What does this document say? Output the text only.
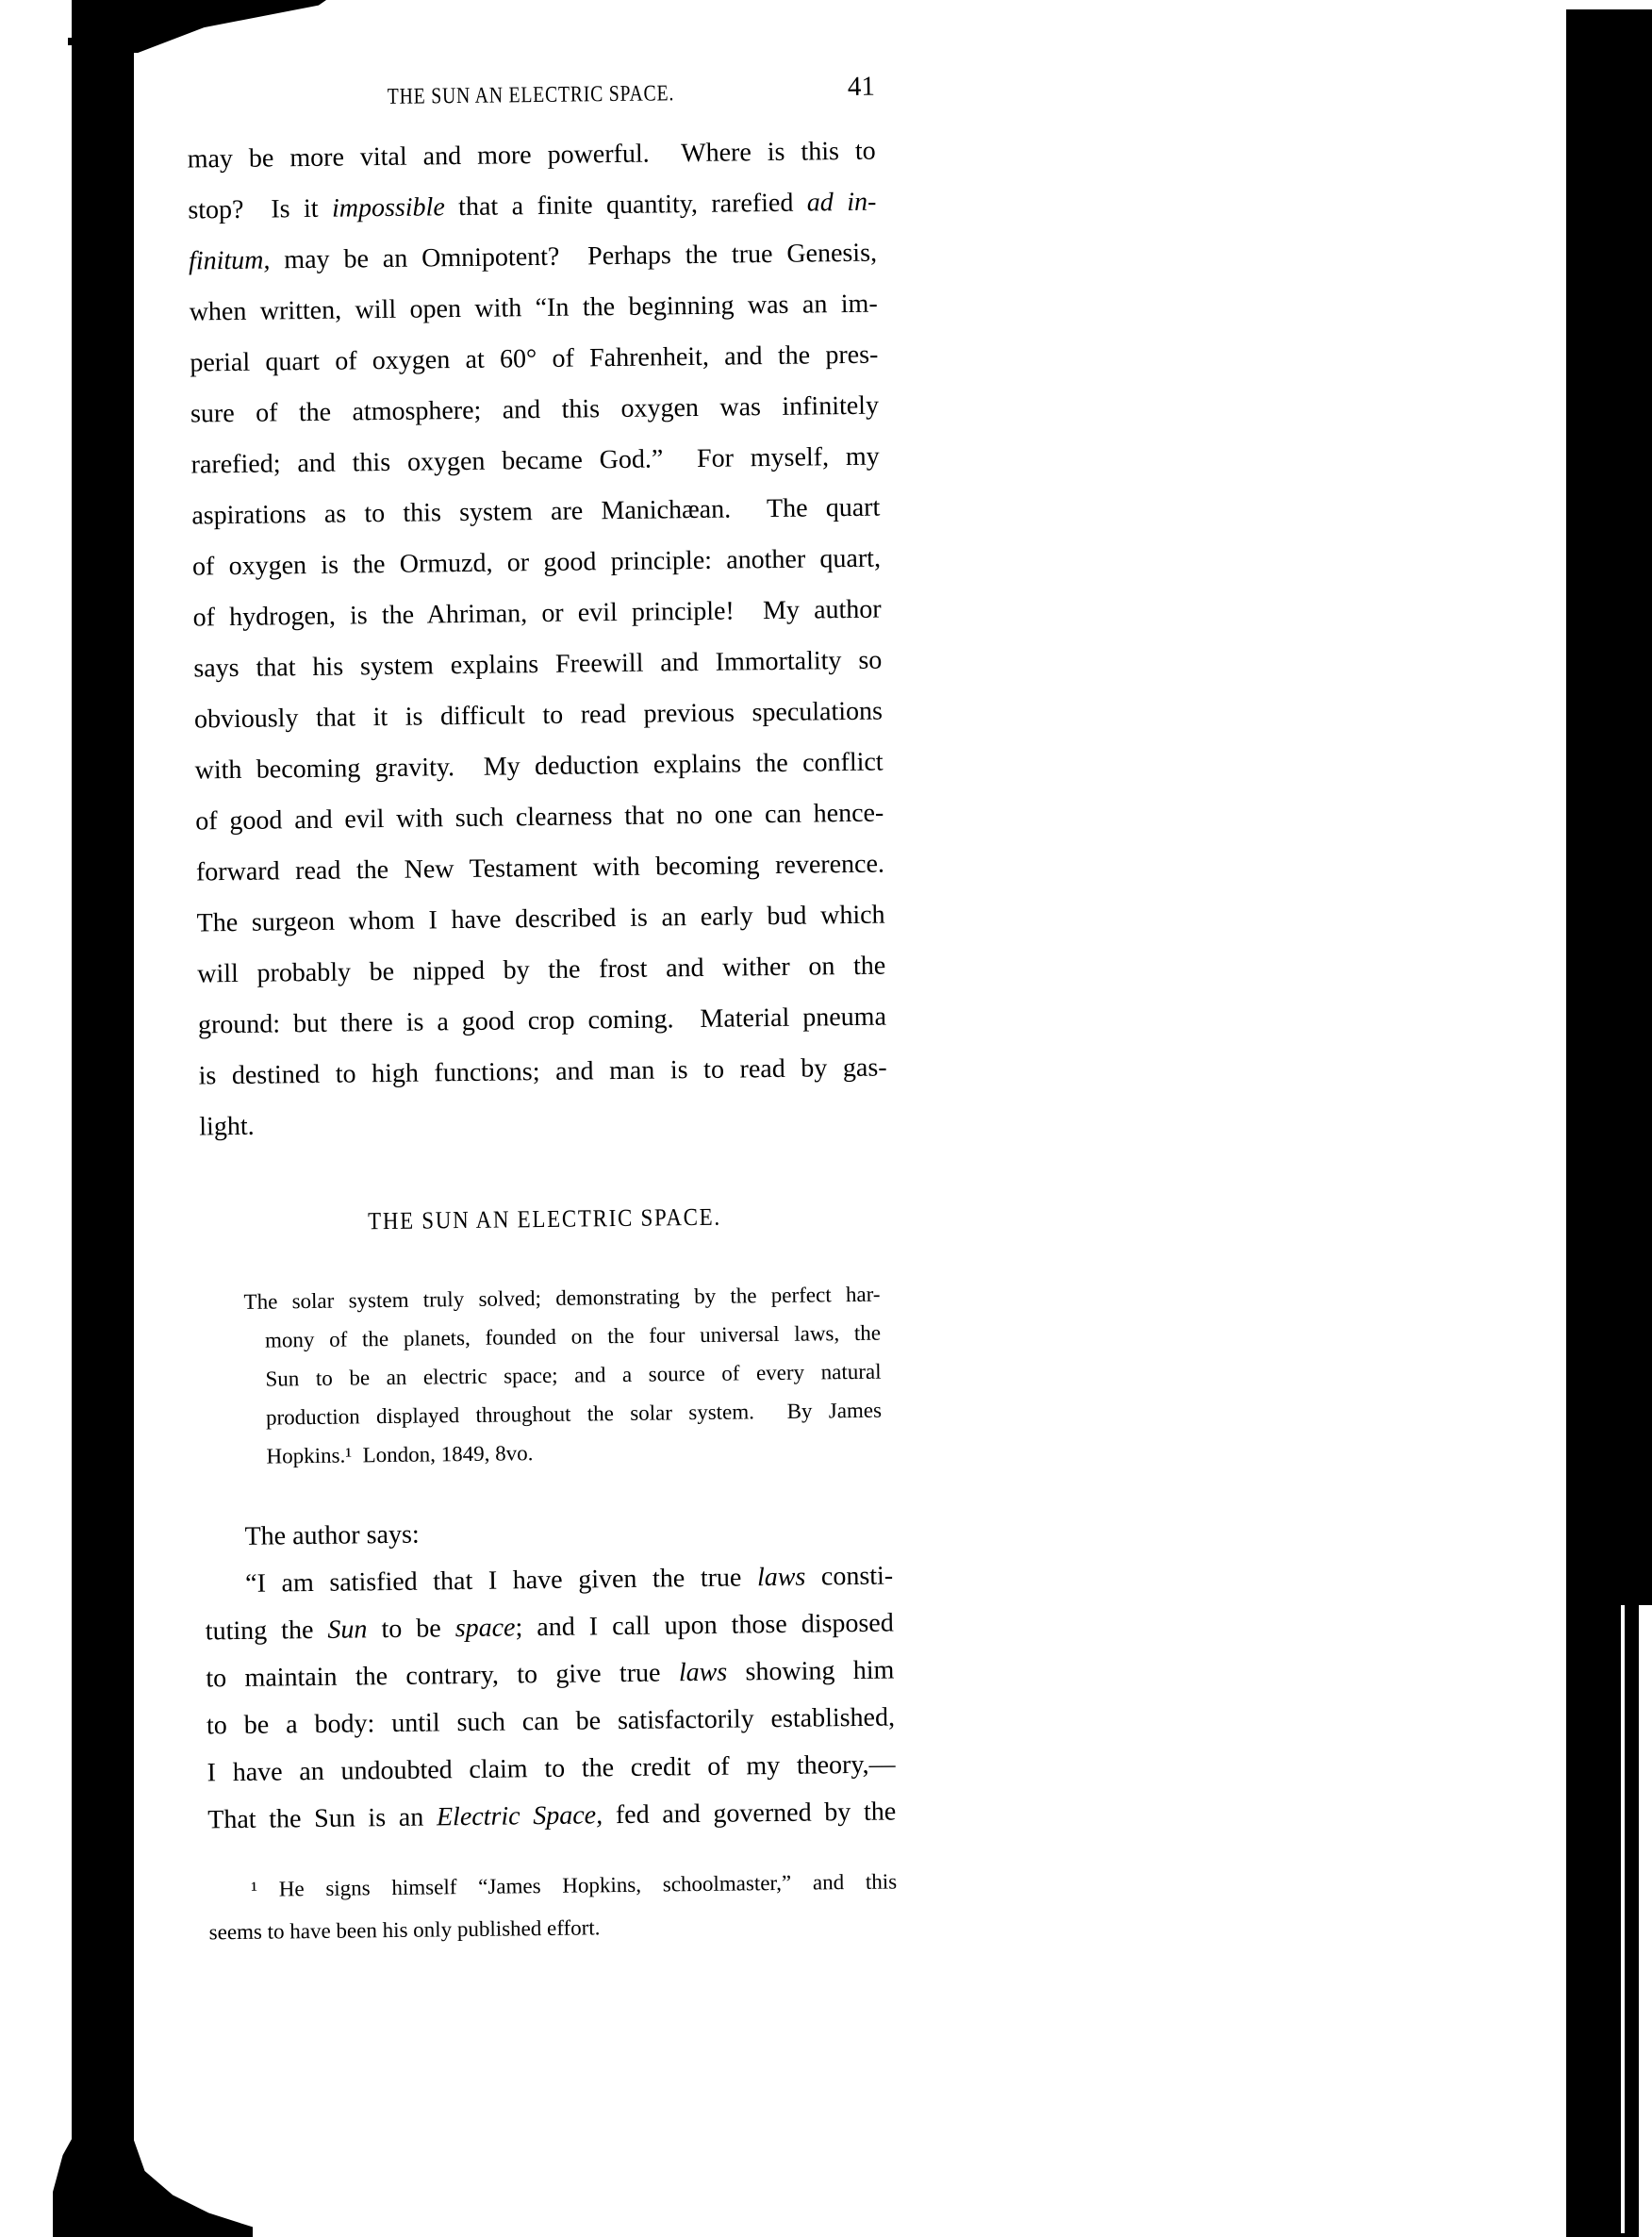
THE SUN AN ELECTRIC SPACE.	41
may be more vital and more powerful.  Where is this to
stop?  Is it impossible that a finite quantity, rarefied ad in-
finitum, may be an Omnipotent?  Perhaps the true Genesis,
when written, will open with “In the beginning was an im-
perial quart of oxygen at 60° of Fahrenheit, and the pres-
sure of the atmosphere; and this oxygen was infinitely
rarefied; and this oxygen became God.”  For myself, my
aspirations as to this system are Manichæan.  The quart
of oxygen is the Ormuzd, or good principle: another quart,
of hydrogen, is the Ahriman, or evil principle!  My author
says that his system explains Freewill and Immortality so
obviously that it is difficult to read previous speculations
with becoming gravity.  My deduction explains the conflict
of good and evil with such clearness that no one can hence-
forward read the New Testament with becoming reverence.
The surgeon whom I have described is an early bud which
will probably be nipped by the frost and wither on the
ground: but there is a good crop coming.  Material pneuma
is destined to high functions; and man is to read by gas-
light.
THE SUN AN ELECTRIC SPACE.
The solar system truly solved; demonstrating by the perfect har-
mony of the planets, founded on the four universal laws, the
Sun to be an electric space; and a source of every natural
production displayed throughout the solar system.  By James
Hopkins.¹  London, 1849, 8vo.
The author says:
“I am satisfied that I have given the true laws consti-
tuting the Sun to be space; and I call upon those disposed
to maintain the contrary, to give true laws showing him
to be a body: until such can be satisfactorily established,
I have an undoubted claim to the credit of my theory,—
That the Sun is an Electric Space, fed and governed by the
¹ He signs himself “James Hopkins, schoolmaster,” and this
seems to have been his only published effort.
